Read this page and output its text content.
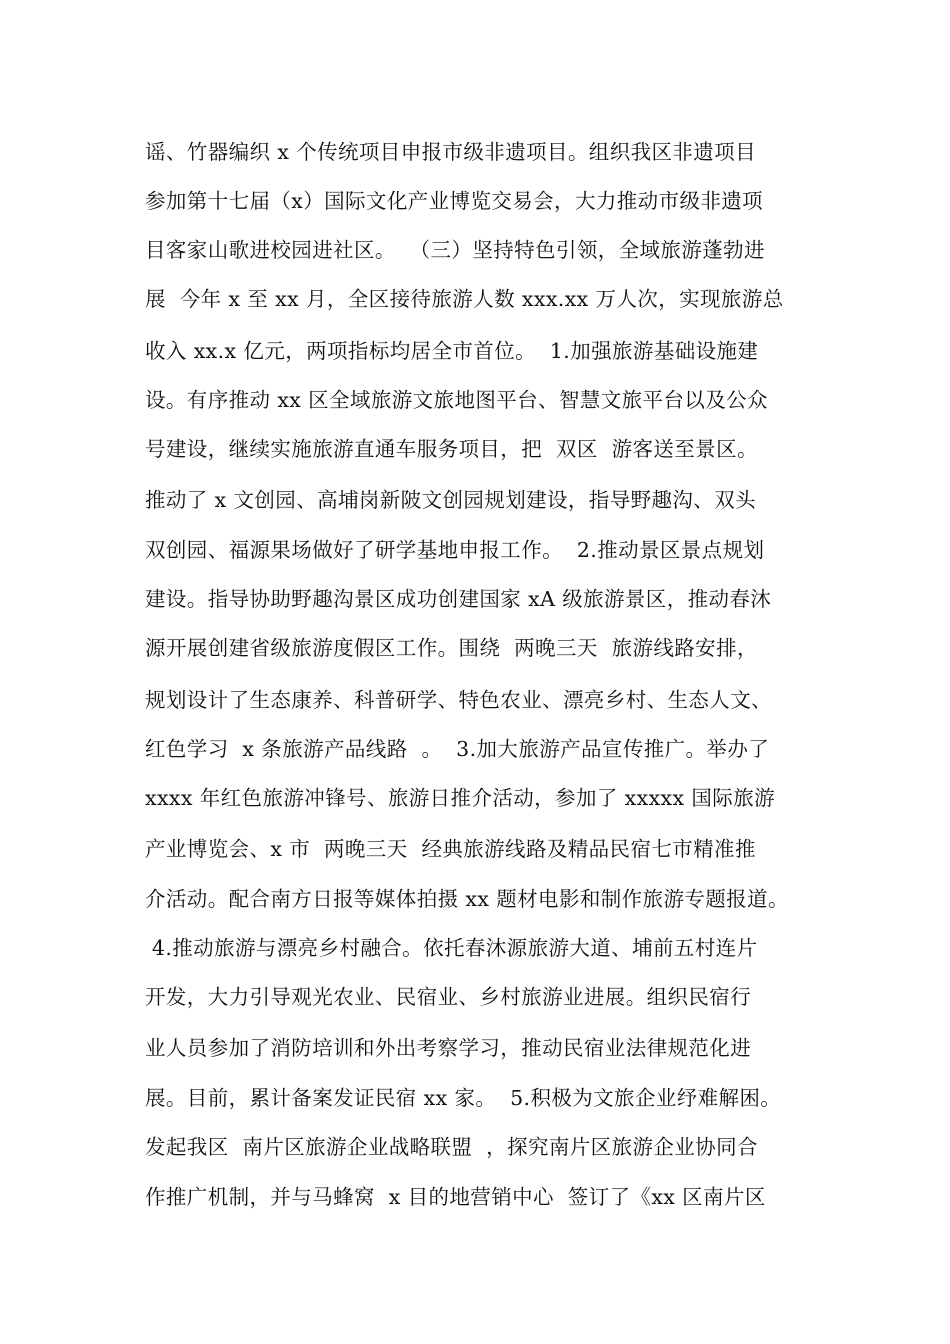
谣、竹器编织 x 个传统项目申报市级非遗项目。组织我区非遗项目
参加第十七届（x）国际文化产业博览交易会，大力推动市级非遗项
目客家山歌进校园进社区。  （三）坚持特色引领，全域旅游蓬勃进
展  今年 x 至 xx 月，全区接待旅游人数 xxx.xx 万人次，实现旅游总
收入 xx.x 亿元，两项指标均居全市首位。  1.加强旅游基础设施建
设。有序推动 xx 区全域旅游文旅地图平台、智慧文旅平台以及公众
号建设，继续实施旅游直通车服务项目，把  双区  游客送至景区。
推动了 x 文创园、高埔岗新陂文创园规划建设，指导野趣沟、双头
双创园、福源果场做好了研学基地申报工作。  2.推动景区景点规划
建设。指导协助野趣沟景区成功创建国家 xA 级旅游景区，推动春沐
源开展创建省级旅游度假区工作。围绕  两晚三天  旅游线路安排，
规划设计了生态康养、科普研学、特色农业、漂亮乡村、生态人文、
红色学习  x 条旅游产品线路  。  3.加大旅游产品宣传推广。举办了
xxxx 年红色旅游冲锋号、旅游日推介活动，参加了 xxxxx 国际旅游
产业博览会、x 市  两晚三天  经典旅游线路及精品民宿七市精准推
介活动。配合南方日报等媒体拍摄 xx 题材电影和制作旅游专题报道。
4.推动旅游与漂亮乡村融合。依托春沐源旅游大道、埔前五村连片
开发，大力引导观光农业、民宿业、乡村旅游业进展。组织民宿行
业人员参加了消防培训和外出考察学习，推动民宿业法律规范化进
展。目前，累计备案发证民宿 xx 家。  5.积极为文旅企业纾难解困。
发起我区  南片区旅游企业战略联盟  ，探究南片区旅游企业协同合
作推广机制，并与马蜂窝  x 目的地营销中心  签订了《xx 区南片区
